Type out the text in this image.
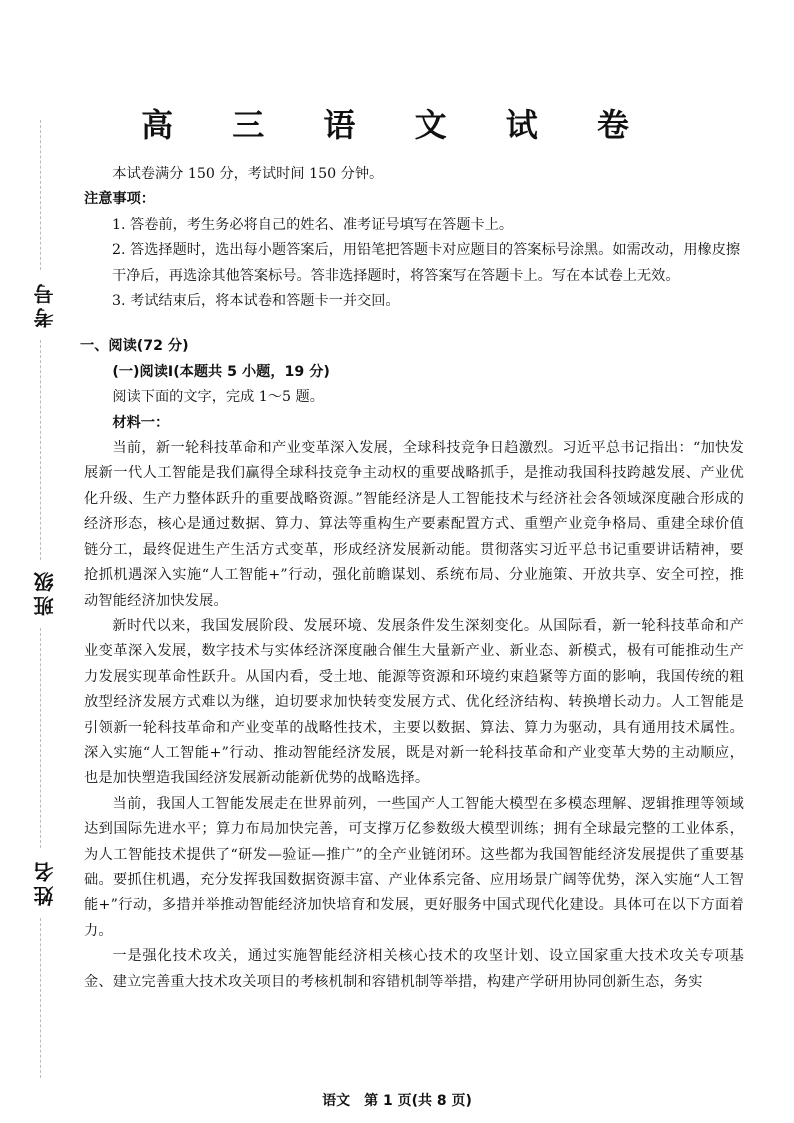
高 三 语 文 试 卷
考号
班级
姓名

本试卷满分 150 分，考试时间 150 分钟。

注意事项：

1. 答卷前，考生务必将自己的姓名、准考证号填写在答题卡上。

2. 答选择题时，选出每小题答案后，用铅笔把答题卡对应题目的答案标号涂黑。如需改动，用橡皮擦干净后，再选涂其他答案标号。答非选择题时，将答案写在答题卡上。写在本试卷上无效。

3. 考试结束后，将本试卷和答题卡一并交回。

一、阅读(72 分)

(一)阅读Ⅰ(本题共 5 小题，19 分)

阅读下面的文字，完成 1～5 题。

材料一：

当前，新一轮科技革命和产业变革深入发展，全球科技竞争日趋激烈。习近平总书记指出：“加快发展新一代人工智能是我们赢得全球科技竞争主动权的重要战略抓手，是推动我国科技跨越发展、产业优化升级、生产力整体跃升的重要战略资源。”智能经济是人工智能技术与经济社会各领域深度融合形成的经济形态，核心是通过数据、算力、算法等重构生产要素配置方式、重塑产业竞争格局、重建全球价值链分工，最终促进生产生活方式变革，形成经济发展新动能。贯彻落实习近平总书记重要讲话精神，要抢抓机遇深入实施“人工智能+”行动，强化前瞻谋划、系统布局、分业施策、开放共享、安全可控，推动智能经济加快发展。

新时代以来，我国发展阶段、发展环境、发展条件发生深刻变化。从国际看，新一轮科技革命和产业变革深入发展，数字技术与实体经济深度融合催生大量新产业、新业态、新模式，极有可能推动生产力发展实现革命性跃升。从国内看，受土地、能源等资源和环境约束趋紧等方面的影响，我国传统的粗放型经济发展方式难以为继，迫切要求加快转变发展方式、优化经济结构、转换增长动力。人工智能是引领新一轮科技革命和产业变革的战略性技术，主要以数据、算法、算力为驱动，具有通用技术属性。深入实施“人工智能+”行动、推动智能经济发展，既是对新一轮科技革命和产业变革大势的主动顺应，也是加快塑造我国经济发展新动能新优势的战略选择。

当前，我国人工智能发展走在世界前列，一些国产人工智能大模型在多模态理解、逻辑推理等领域达到国际先进水平；算力布局加快完善，可支撑万亿参数级大模型训练；拥有全球最完整的工业体系，为人工智能技术提供了“研发—验证—推广”的全产业链闭环。这些都为我国智能经济发展提供了重要基础。要抓住机遇，充分发挥我国数据资源丰富、产业体系完备、应用场景广阔等优势，深入实施“人工智能+”行动，多措并举推动智能经济加快培育和发展，更好服务中国式现代化建设。具体可在以下方面着力。

一是强化技术攻关，通过实施智能经济相关核心技术的攻坚计划、设立国家重大技术攻关专项基金、建立完善重大技术攻关项目的考核机制和容错机制等举措，构建产学研用协同创新生态，务实

语文　第 1 页(共 8 页)
